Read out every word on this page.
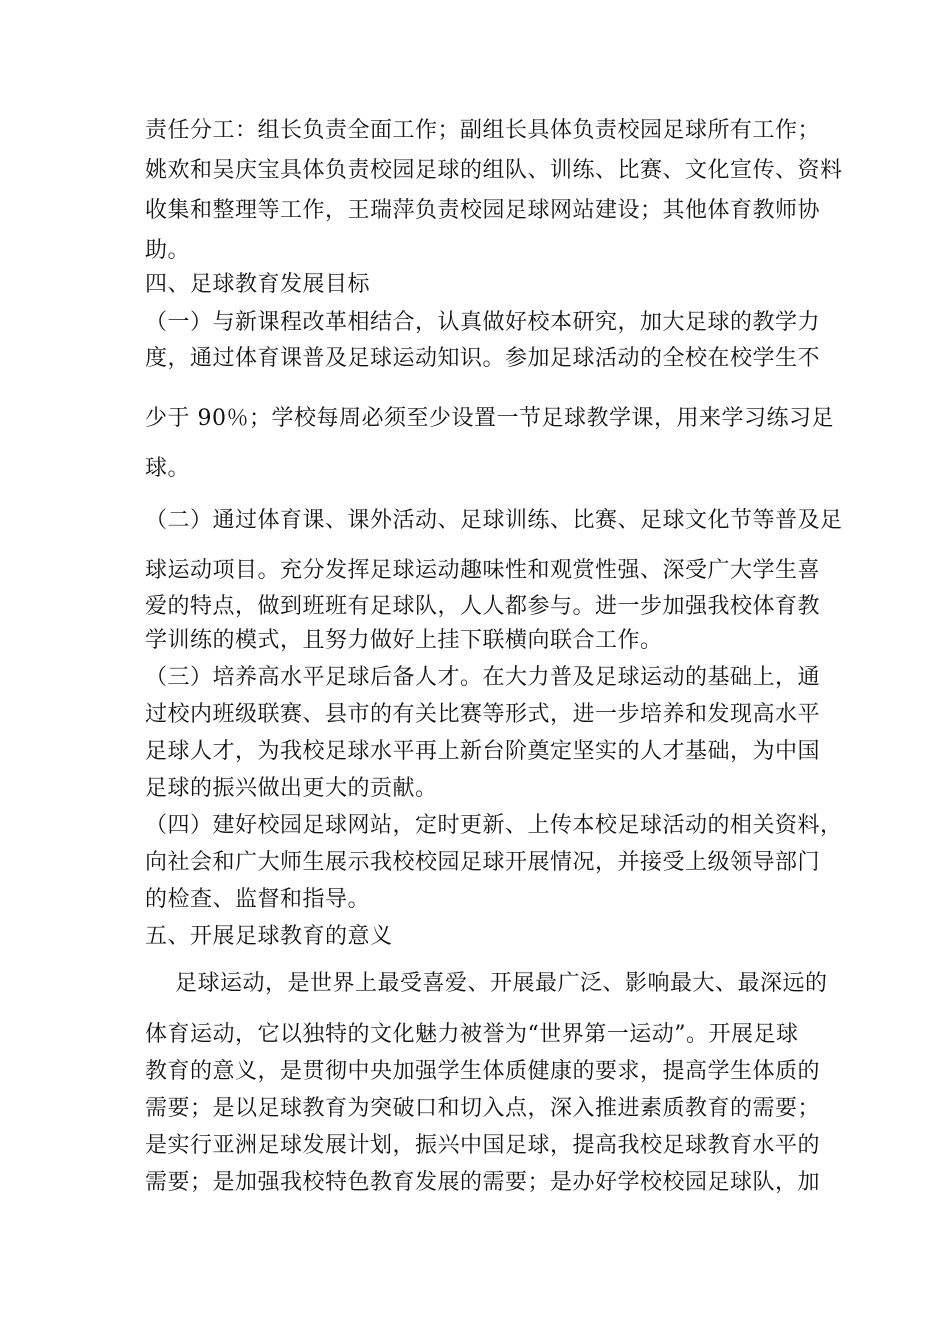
责任分工：组长负责全面工作；副组长具体负责校园足球所有工作；
姚欢和吴庆宝具体负责校园足球的组队、训练、比赛、文化宣传、资料
收集和整理等工作，王瑞萍负责校园足球网站建设；其他体育教师协
助。
四、足球教育发展目标
（一）与新课程改革相结合，认真做好校本研究，加大足球的教学力
度，通过体育课普及足球运动知识。参加足球活动的全校在校学生不
少于 90％；学校每周必须至少设置一节足球教学课，用来学习练习足
球。
（二）通过体育课、课外活动、足球训练、比赛、足球文化节等普及足
球运动项目。充分发挥足球运动趣味性和观赏性强、深受广大学生喜
爱的特点，做到班班有足球队，人人都参与。进一步加强我校体育教
学训练的模式，且努力做好上挂下联横向联合工作。
（三）培养高水平足球后备人才。在大力普及足球运动的基础上，通
过校内班级联赛、县市的有关比赛等形式，进一步培养和发现高水平
足球人才，为我校足球水平再上新台阶奠定坚实的人才基础，为中国
足球的振兴做出更大的贡献。
（四）建好校园足球网站，定时更新、上传本校足球活动的相关资料，
向社会和广大师生展示我校校园足球开展情况，并接受上级领导部门
的检查、监督和指导。
五、开展足球教育的意义
足球运动，是世界上最受喜爱、开展最广泛、影响最大、最深远的
体育运动，它以独特的文化魅力被誉为“世界第一运动”。开展足球
教育的意义，是贯彻中央加强学生体质健康的要求，提高学生体质的
需要；是以足球教育为突破口和切入点，深入推进素质教育的需要；
是实行亚洲足球发展计划，振兴中国足球，提高我校足球教育水平的
需要；是加强我校特色教育发展的需要；是办好学校校园足球队，加
